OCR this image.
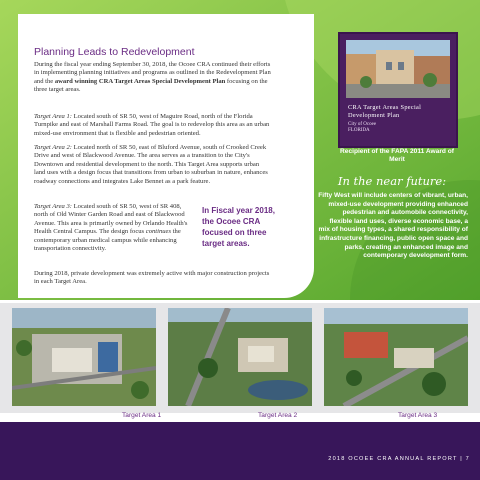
Planning Leads to Redevelopment
During the fiscal year ending September 30, 2018, the Ocoee CRA continued their efforts in implementing planning initiatives and programs as outlined in the Redevelopment Plan and the award winning CRA Target Areas Special Development Plan focusing on the three target areas.
Target Area 1: Located south of SR 50, west of Maguire Road, north of the Florida Turnpike and east of Marshall Farms Road. The goal is to redevelop this area as an urban mixed-use environment that is flexible and pedestrian oriented.
Target Area 2: Located north of SR 50, east of Bluford Avenue, south of Crooked Creek Drive and west of Blackwood Avenue. The area serves as a transition to the City's Downtown and residential development to the north. This Target Area supports urban land uses with a design focus that transitions from urban to suburban in nature, enhances roadway connections and integrates Lake Bennet as a park feature.
Target Area 3: Located south of SR 50, west of SR 408, north of Old Winter Garden Road and east of Blackwood Avenue. This area is primarily owned by Orlando Health's Health Central Campus. The design focus continues the contemporary urban medical campus while enhancing transportation connectivity.
In Fiscal year 2018, the Ocoee CRA focused on three target areas.
During 2018, private development was extremely active with major construction projects in each Target Area.
CRA Target Areas Special Development Plan
City of Ocoee
FLORIDA
Recipient of the FAPA 2011 Award of Merit
In the near future:
Fifty West will include centers of vibrant, urban, mixed-use development providing enhanced pedestrian and automobile connectivity, flexible land uses, diverse economic base, a mix of housing types, a shared responsibility of infrastructure financing, public open space and parks, creating an enhanced image and contemporary development form.
Target Area 1	Target Area 2	Target Area 3
2018 OCOEE CRA ANNUAL REPORT | 7
